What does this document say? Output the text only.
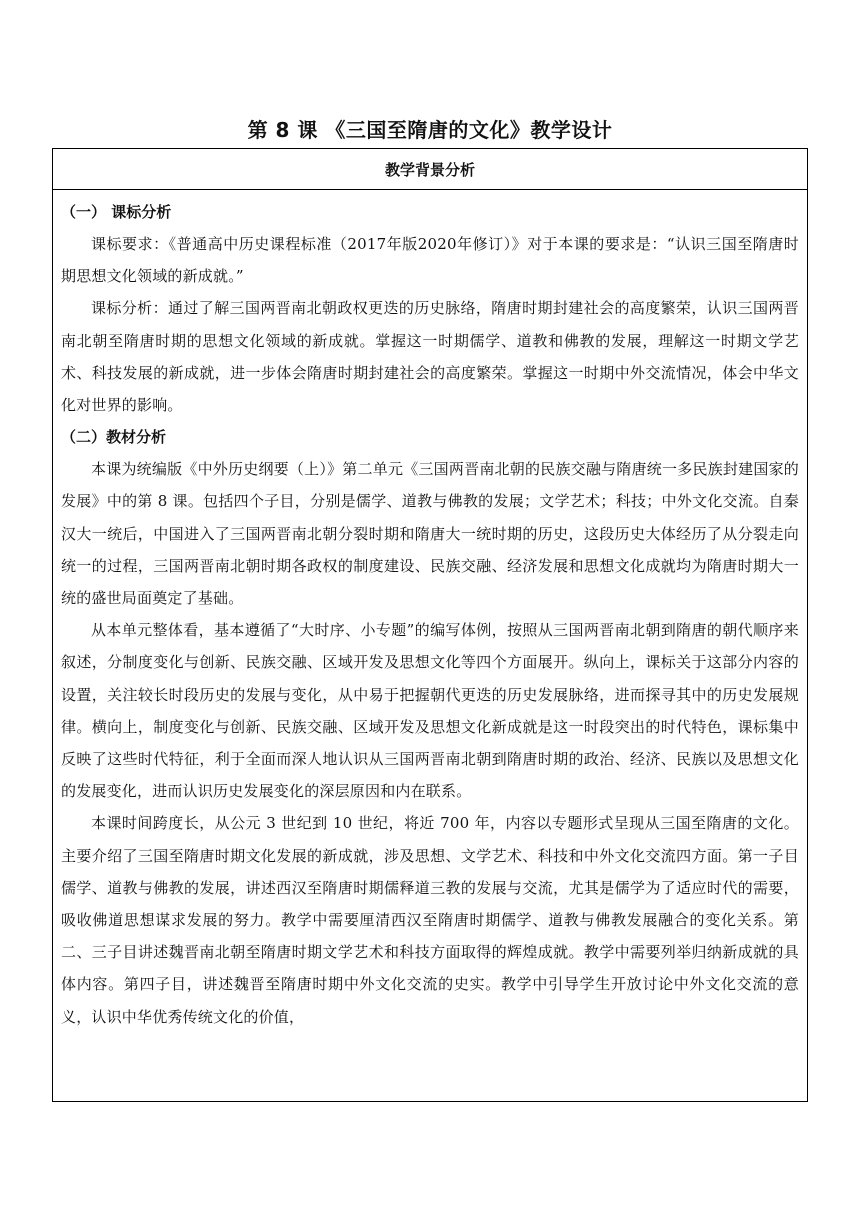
第 8 课 《三国至隋唐的文化》教学设计
教学背景分析
（一） 课标分析

课标要求：《普通高中历史课程标准（2017年版2020年修订）》对于本课的要求是：“认识三国至隋唐时期思想文化领域的新成就。”

课标分析：通过了解三国两晋南北朝政权更迭的历史脉络，隋唐时期封建社会的高度繁荣，认识三国两晋南北朝至隋唐时期的思想文化领域的新成就。掌握这一时期儒学、道教和佛教的发展，理解这一时期文学艺术、科技发展的新成就，进一步体会隋唐时期封建社会的高度繁荣。掌握这一时期中外交流情况，体会中华文化对世界的影响。

（二）教材分析

本课为统编版《中外历史纲要（上）》第二单元《三国两晋南北朝的民族交融与隋唐统一多民族封建国家的发展》中的第 8 课。包括四个子目，分别是儒学、道教与佛教的发展；文学艺术；科技；中外文化交流。自秦汉大一统后，中国进入了三国两晋南北朝分裂时期和隋唐大一统时期的历史，这段历史大体经历了从分裂走向统一的过程，三国两晋南北朝时期各政权的制度建设、民族交融、经济发展和思想文化成就均为隋唐时期大一统的盛世局面奠定了基础。

从本单元整体看，基本遵循了“大时序、小专题”的编写体例，按照从三国两晋南北朝到隋唐的朝代顺序来叙述，分制度变化与创新、民族交融、区域开发及思想文化等四个方面展开。纵向上，课标关于这部分内容的设置，关注较长时段历史的发展与变化，从中易于把握朝代更迭的历史发展脉络，进而探寻其中的历史发展规律。横向上，制度变化与创新、民族交融、区域开发及思想文化新成就是这一时段突出的时代特色，课标集中反映了这些时代特征，利于全面而深人地认识从三国两晋南北朝到隋唐时期的政治、经济、民族以及思想文化的发展变化，进而认识历史发展变化的深层原因和内在联系。

本课时间跨度长，从公元 3 世纪到 10 世纪，将近 700 年，内容以专题形式呈现从三国至隋唐的文化。主要介绍了三国至隋唐时期文化发展的新成就，涉及思想、文学艺术、科技和中外文化交流四方面。第一子目儒学、道教与佛教的发展，讲述西汉至隋唐时期儒释道三教的发展与交流，尤其是儒学为了适应时代的需要，吸收佛道思想谋求发展的努力。教学中需要厘清西汉至隋唐时期儒学、道教与佛教发展融合的变化关系。第二、三子目讲述魏晋南北朝至隋唐时期文学艺术和科技方面取得的辉煌成就。教学中需要列举归纳新成就的具体内容。第四子目，讲述魏晋至隋唐时期中外文化交流的史实。教学中引导学生开放讨论中外文化交流的意义，认识中华优秀传统文化的价值，
